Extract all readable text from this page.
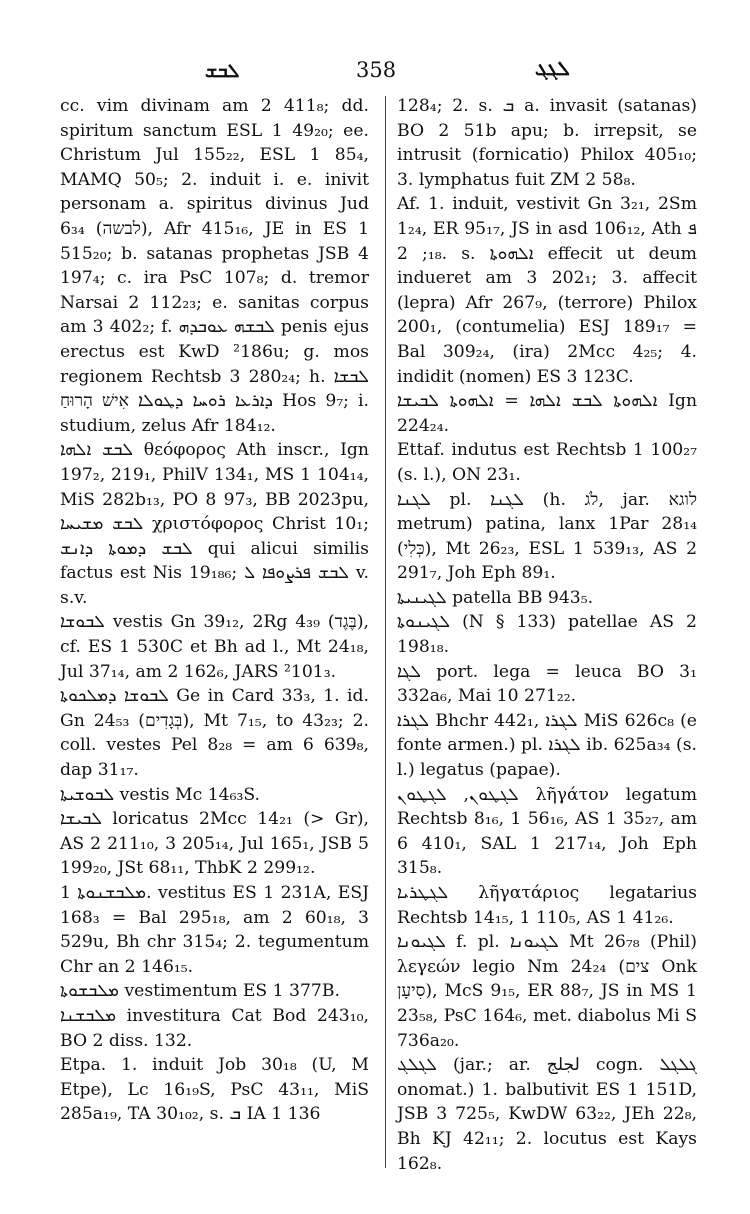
ܠܒܫ	358	ܠܓܓ

cc. vim divinam am 2 411₈; dd. spiritum sanctum ESL 1 49₂₀; ee. Christum Jul 155₂₂, ESL 1 85₄, MAMQ 50₅; 2. induit i. e. inivit personam a. spiritus divinus Jud 6₃₄ (לבשה), Afr 415₁₆, JE in ES 1 515₂₀; b. satanas prophetas JSB 4 197₄; c. ira PsC 107₈; d. tremor Narsai 2 112₂₃; e. sanitas corpus am 3 402₂; f. ܠܒܫܗ ܥܘܒܕܗ penis ejus erectus est KwD ²186u; g. mos regionem Rechtsb 3 280₂₄; h. ܠܒܫܐ ܕܐܪܥܐ ܪܘܚܐ ܕܛܘܠܐ אִישׁ הָרוּחַ Hos 9₇; i. studium, zelus Afr 184₁₂.

ܠܒܫ ܐܠܗܐ θεόφορος Ath inscr., Ign 197₂, 219₁, PhilV 134₁, MS 1 104₁₄, MiS 282b₁₃, PO 8 97₃, BB 2023pu, ܠܒܫ ܡܫܝܚܐ χριστόφορος Christ 10₁; ܠܒܫ ܕܡܘܬܐ ܕܐܢܫ qui alicui similis factus est Nis 19₁₈₆; ܠܒܫ ܦܪܨܘܦܐ ܠ v. s.v.

ܠܒܘܫܐ vestis Gn 39₁₂, 2Rg 4₃₉ (בֶּגֶד), cf. ES 1 530C et Bh ad l., Mt 24₁₈, Jul 37₁₄, am 2 162₆, JARS ²101₃.

ܠܒܘܫܐ ܕܡܠܟܘܬܐ Ge in Card 33₃, 1. id. Gn 24₅₃ (בְּגָדִים), Mt 7₁₅, to 43₂₃; 2. coll. vestes Pel 8₂₈ = am 6 639₈, dap 31₁₇.

ܠܒܘܫܝܬܐ vestis Mc 14₆₃S.

ܠܒܝܫܐ loricatus 2Mcc 14₂₁ (> Gr), AS 2 211₁₀, 3 205₁₄, Jul 165₁, JSB 5 199₂₀, JSt 68₁₁, ThbK 2 299₁₂.

ܡܠܒܫܢܘܬܐ 1. vestitus ES 1 231A, ESJ 168₃ = Bal 295₁₈, am 2 60₁₈, 3 529u, Bh chr 315₄; 2. tegumentum Chr an 2 146₁₅.

ܡܠܒܫܘܬܐ vestimentum ES 1 377B.

ܡܠܒܫܢܐ investitura Cat Bod 243₁₀, BO 2 diss. 132.

Etpa. 1. induit Job 30₁₈ (U, M Etpe), Lc 16₁₉S, PsC 43₁₁, MiS 285a₁₉, TA 30₁₀₂, s. ܒ IA 1 136

128₄; 2. s. ܒ a. invasit (satanas) BO 2 51b apu; b. irrepsit, se intrusit (fornicatio) Philox 405₁₀; 3. lymphatus fuit ZM 2 58₈.

Af. 1. induit, vestivit Gn 3₂₁, 2Sm 1₂₄, ER 95₁₇, JS in asd 106₁₂, Ath ܦ ₁₈; 2. s. ܐܠܗܘܬܐ effecit ut deum indueret am 3 202₁; 3. affecit (lepra) Afr 267₉, (terrore) Philox 200₁, (contumelia) ESJ 189₁₇ = Bal 309₂₄, (ira) 2Mcc 4₂₅; 4. indidit (nomen) ES 3 123C.

ܐܠܗܘܬܐ ܠܒܫ ܐܠܗܐ = ܐܠܗܘܬܐ ܠܒܝܫܐ Ign 224₂₄.

Ettaf. indutus est Rechtsb 1 100₂₇ (s. l.), ON 23₁.

ܠܓܢܐ pl. ܠܓܢܐ (h. לֹג, jar. לוגא metrum) patina, lanx 1Par 28₁₄ (כְּלִי), Mt 26₂₃, ESL 1 539₁₃, AS 2 291₇, Joh Eph 89₁.

ܠܓܝܢܝܬܐ patella BB 943₅.

ܠܓܝܢܘܬܐ (N § 133) patellae AS 2 198₁₈.

ܠܓܐ port. lega = leuca BO 3₁ 332a₆, Mai 10 271₂₂.

ܠܓܪܐ Bhchr 442₁, ܠܓܪܐ MiS 626c₈ (e fonte armen.) pl. ܠܓܪܐ ib. 625a₃₄ (s. l.) legatus (papae).

ܠܓܛܘܢ, ܠܓܛܘܢ λῆγάτον legatum Rechtsb 8₁₆, 1 56₁₆, AS 1 35₂₇, am 6 410₁, SAL 1 217₁₄, Joh Eph 315₈.

ܠܓܛܪܝܐ λῆγατάριος legatarius Rechtsb 14₁₅, 1 110₅, AS 1 41₂₆.

ܠܓܝܘܢܐ f. pl. ܠܓܝܘܢܐ Mt 26₇₈ (Phil) λεγεών legio Nm 24₂₄ (צים Onk סִיעָן), McS 9₁₅, ER 88₇, JS in MS 1 23₅₈, PsC 164₆, met. diabolus Mi S 736a₂₀.

ܠܓܠܓ (jar.; ar. لجلج cogn. ܓܠܓܠ onomat.) 1. balbutivit ES 1 151D, JSB 3 725₅, KwDW 63₂₂, JEh 22₈, Bh KJ 42₁₁; 2. locutus est Kays 162₈.
